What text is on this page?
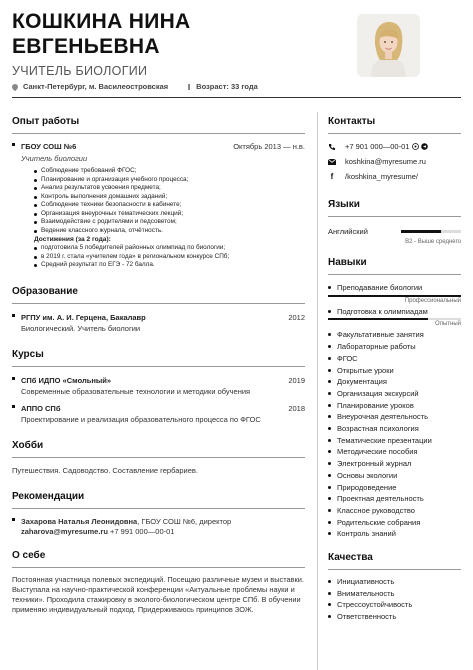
КОШКИНА НИНА
ЕВГЕНЬЕВНА
УЧИТЕЛЬ БИОЛОГИИ
Санкт-Петербург, м. Василеостровская	Возраст: 33 года
Опыт работы
ГБОУ СОШ №6	Октябрь 2013 — н.в.
Учитель биологии
Соблюдение требований ФГОС;
Планирование и организация учебного процесса;
Анализ результатов усвоения предмета;
Контроль выполнения домашних заданий;
Соблюдение техники безопасности в кабинете;
Организация внеурочных тематических лекций;
Взаимодействие с родителями и педсоветом;
Ведение классного журнала, отчётность.
Достижения (за 2 года):
подготовила 5 победителей районных олимпиад по биологии;
в 2019 г. стала «учителем года» в региональном конкурсе СПб;
Средний результат по ЕГЭ - 72 балла.
Образование
РГПУ им. А. И. Герцена, Бакалавр	2012
Биологический. Учитель биологии
Курсы
СПб ИДПО «Смольный»	2019
Современные образовательные технологии и методики обучения
АППО СПб	2018
Проектирование и реализация образовательного процесса по ФГОС
Хобби
Путешествия. Садоводство. Составление гербариев.
Рекомендации
Захарова Наталья Леонидовна, ГБОУ СОШ №6, директор
zaharova@myresume.ru +7 991 000—00-01
О себе
Постоянная участница полевых экспедиций. Посещаю различные музеи и выставки. Выступала на научно-практической конференции «Актуальные проблемы науки и техники». Проходила стажировку в эколого-биологическом центре СПб. В обучении применяю индивидуальный подход. Придерживаюсь принципов ЗОЖ.
Контакты
+7 901 000—00-01
koshkina@myresume.ru
f	/koshkina_myresume/
Языки
Английский
B2 - Выше среднего
Навыки
Преподавание биологии
Профессиональный
Подготовка к олимпиадам
Опытный
Факультативные занятия
Лабораторные работы
ФГОС
Открытые уроки
Документация
Организация экскурсий
Планирование уроков
Внеурочная деятельность
Возрастная психология
Тематические презентации
Методические пособия
Электронный журнал
Основы экологии
Природоведение
Проектная деятельность
Классное руководство
Родительские собрания
Контроль знаний
Качества
Инициативность
Внимательность
Стрессоустойчивость
Ответственность
